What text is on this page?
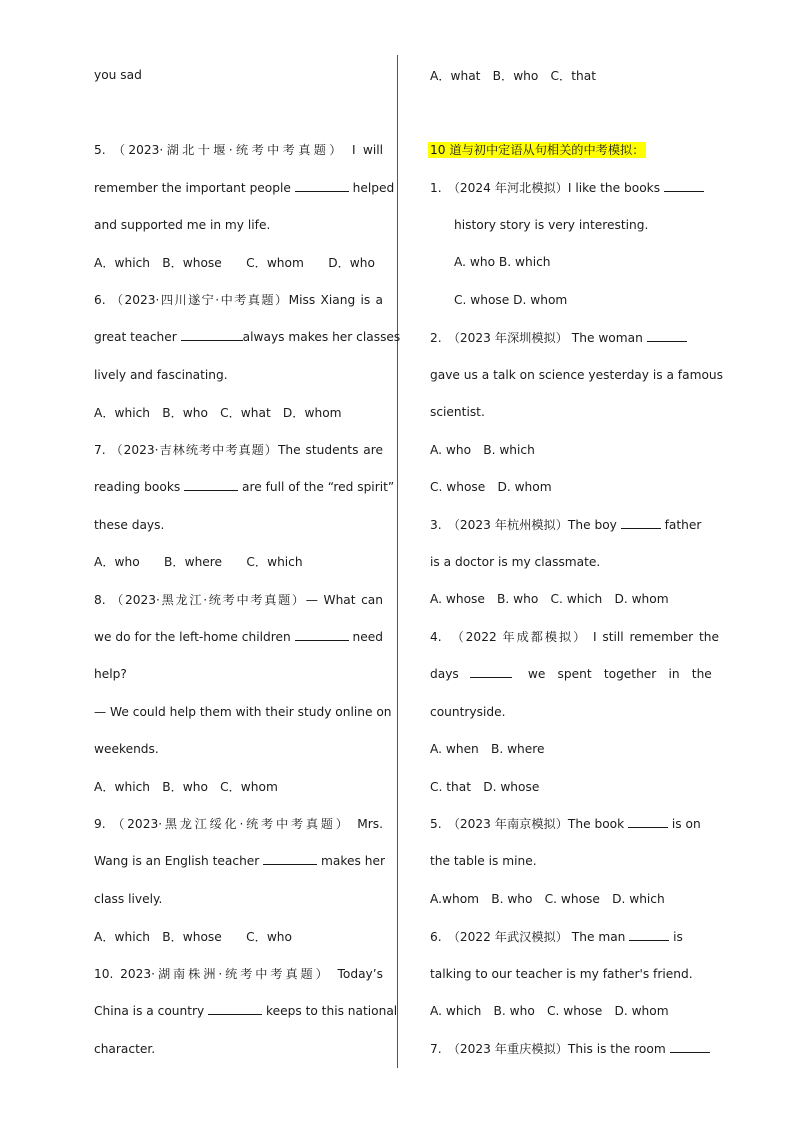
you sad
5. （2023·湖北十堰·统考中考真题） I will
remember the important people	helped
and supported me in my life.
A．which　B．whose　　C．whom　　D．who
6. （2023·四川遂宁·中考真题）Miss Xiang is a
great teacher	always makes her classes
lively and fascinating.
A．which　B．who　C．what　D．whom
7. （2023·吉林统考中考真题）The students are
reading books	are full of the “red spirit”
these days.
A．who　　B．where　　C．which
8. （2023·黑龙江·统考中考真题）— What can
we do for the left-home children	need
help?
— We could help them with their study online on
weekends.
A．which　B．who　C．whom
9. （2023·黑龙江绥化·统考中考真题） Mrs.
Wang is an English teacher	makes her
class lively.
A．which　B．whose　　C．who
10. 2023·湖南株洲·统考中考真题） Today’s
China is a country	keeps to this national
character.
A．what　B．who　C．that
10 道与初中定语从句相关的中考模拟：
1.　（2024 年河北模拟）I like the books
history story is very interesting.
A. who B. which
C. whose D. whom
2.　（2023 年深圳模拟） The woman
gave us a talk on science yesterday is a famous
scientist.
A. who　B. which
C. whose　D. whom
3.　（2023 年杭州模拟）The boy	father
is a doctor is my classmate.
A. whose　B. who　C. which　D. whom
4.　（2022 年成都模拟） I still remember the
days	we　spent　together　in　the
countryside.
A. when　B. where
C. that　D. whose
5.　（2023 年南京模拟）The book	is on
the table is mine.
A.whom　B. who　C. whose　D. which
6.　（2022 年武汉模拟） The man	is
talking to our teacher is my father's friend.
A. which　B. who　C. whose　D. whom
7.　（2023 年重庆模拟）This is the room
